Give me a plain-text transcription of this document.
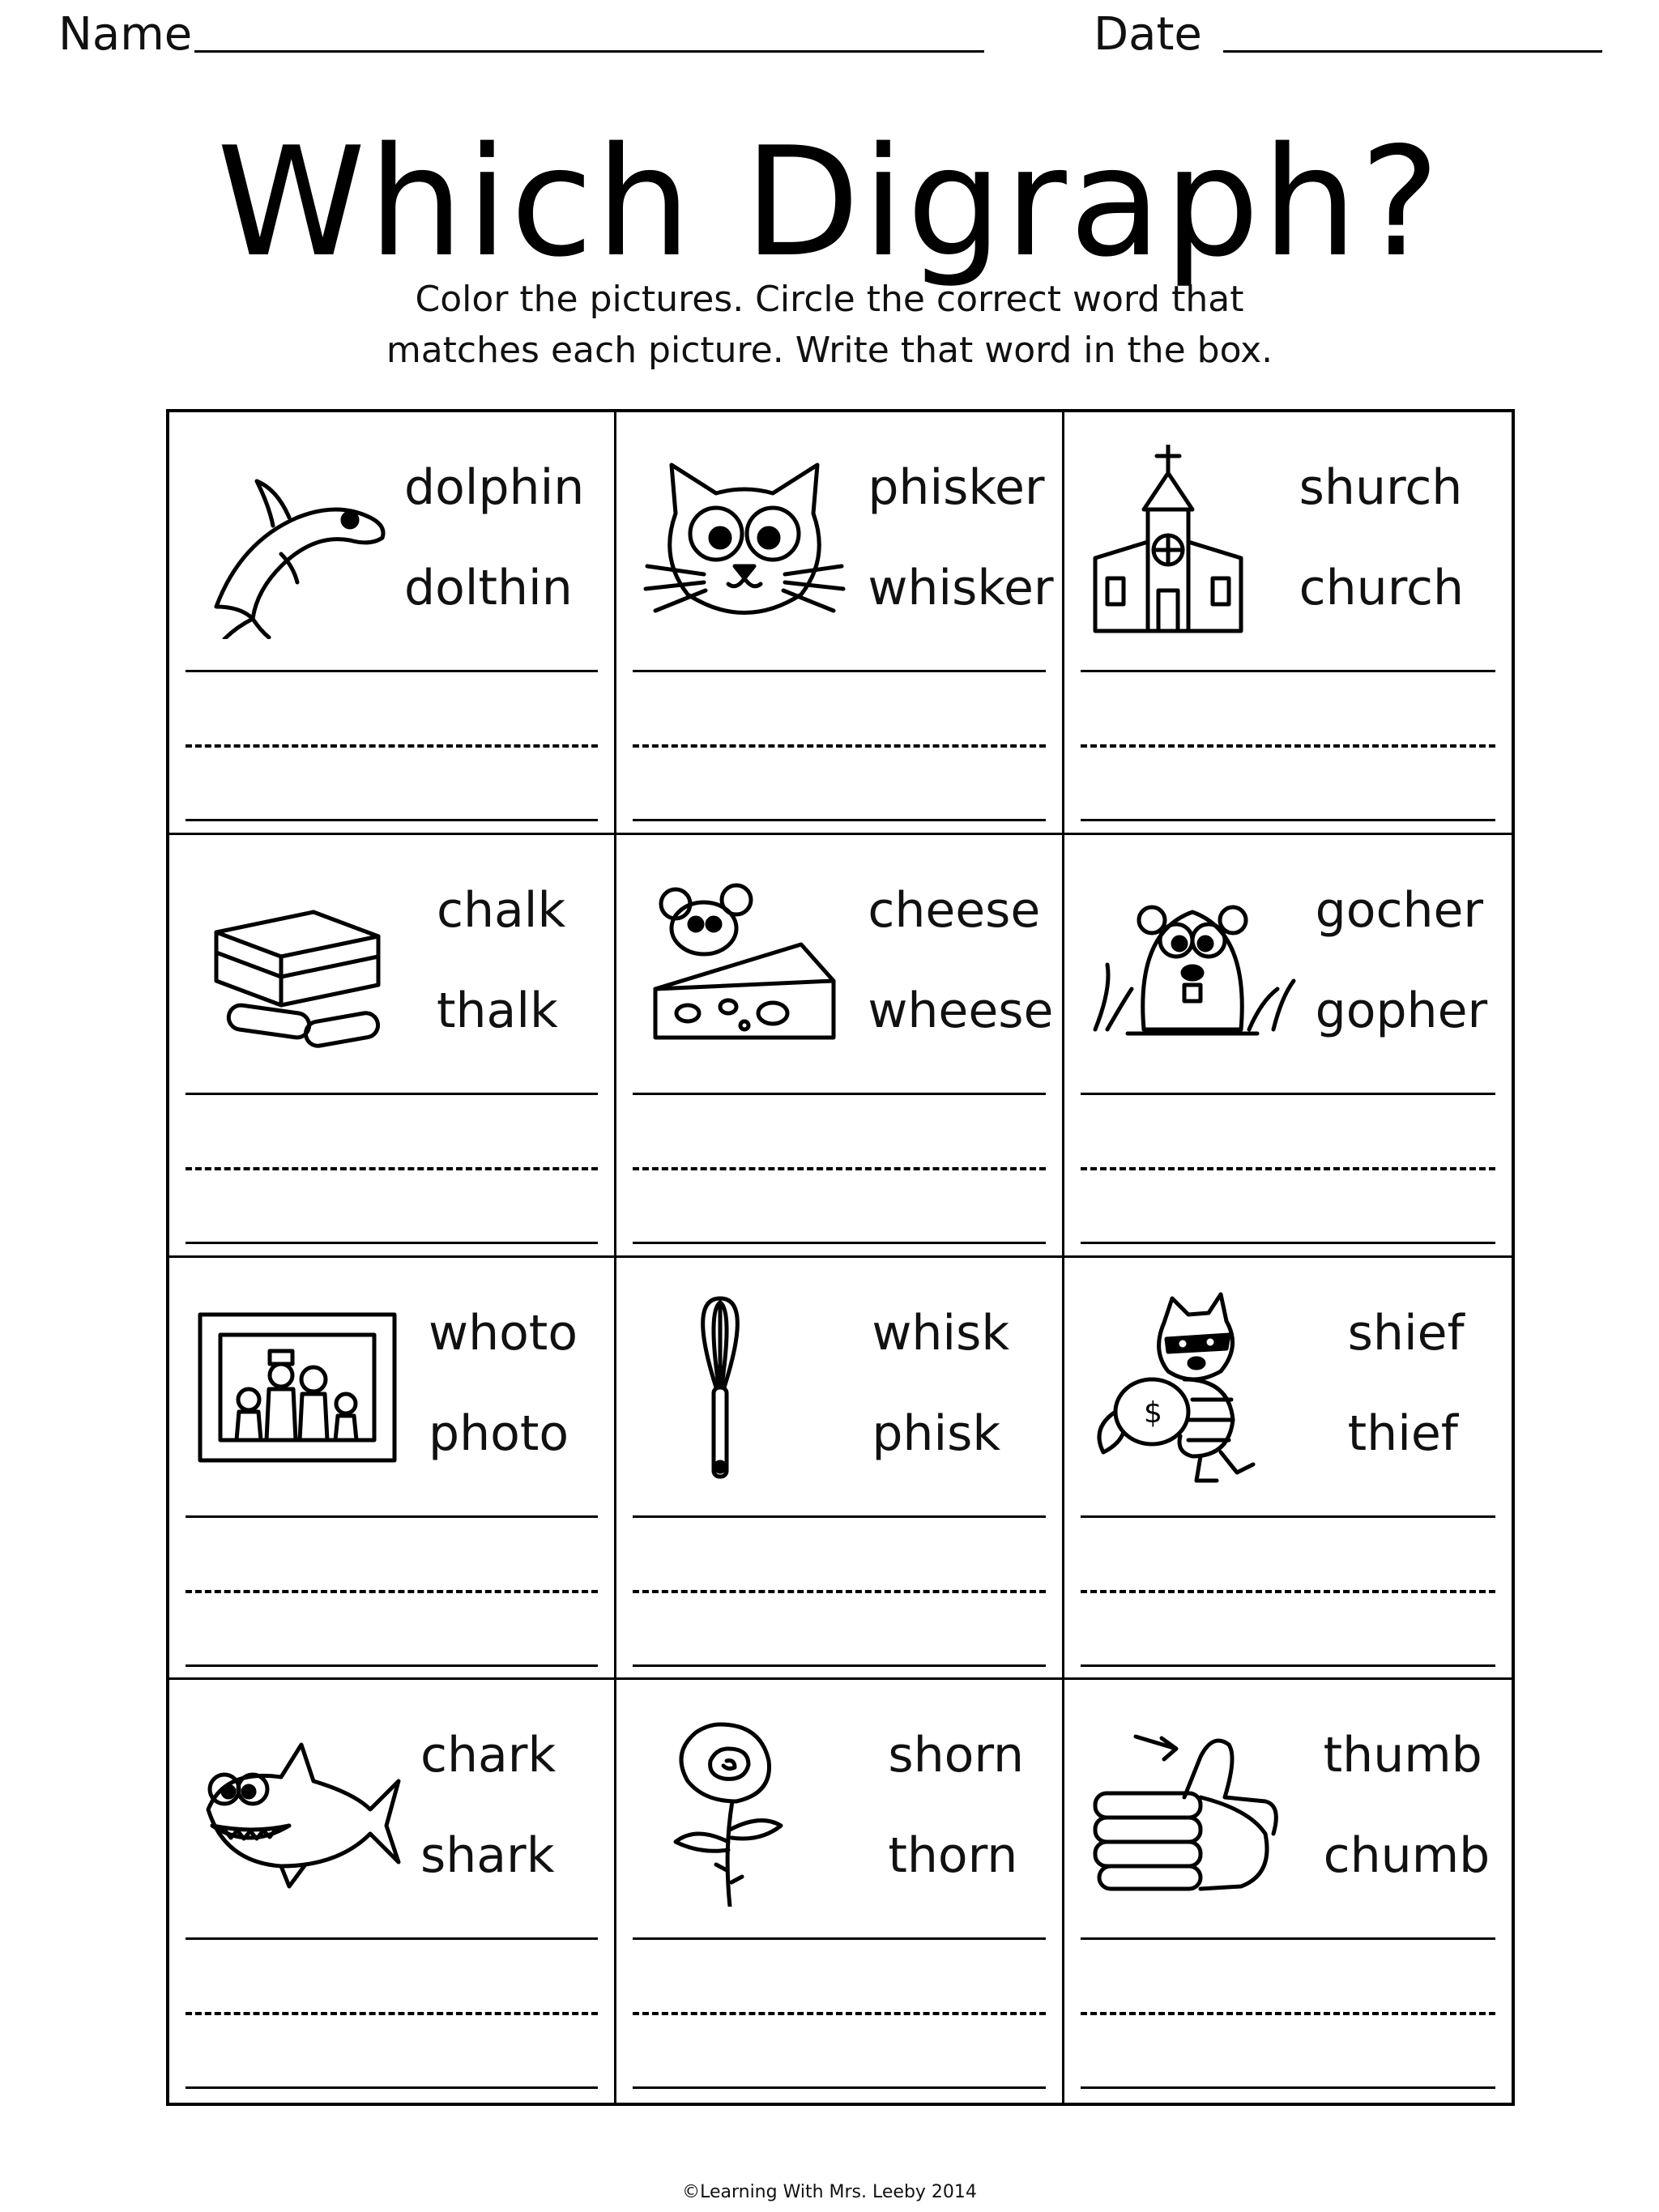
Name	Date
Which Digraph?
Color the pictures. Circle the correct word that
matches each picture. Write that word in the box.
dolphin
dolthin
phisker
whisker
shurch
church
chalk
thalk
cheese
wheese
gocher
gopher
whoto
photo
whisk
phisk	$
shief
thief
chark
shark
shorn
thorn
thumb
chumb
©Learning With Mrs. Leeby 2014
